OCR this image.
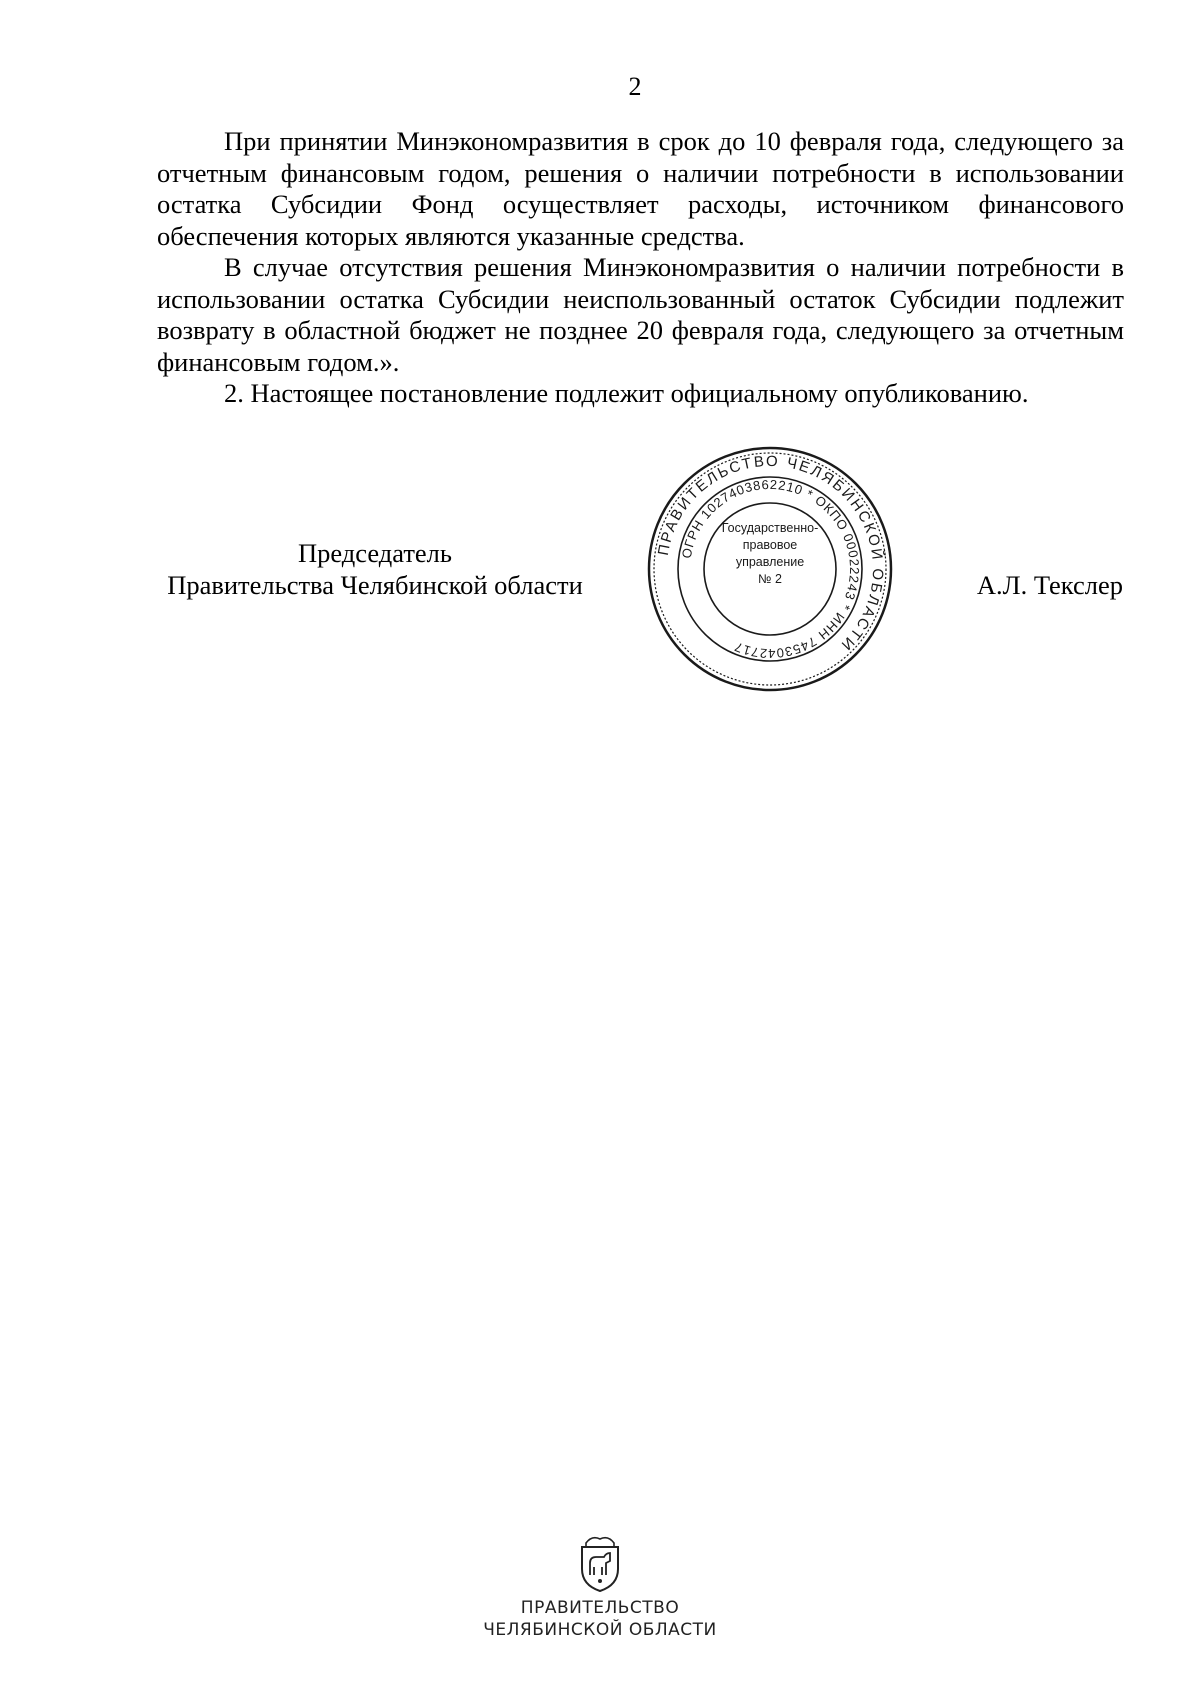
2

При принятии Минэкономразвития в срок до 10 февраля года, следующего за отчетным финансовым годом, решения о наличии потребности в использовании остатка Субсидии Фонд осуществляет расходы, источником финансового обеспечения которых являются указанные средства.

В случае отсутствия решения Минэкономразвития о наличии потребности в использовании остатка Субсидии неиспользованный остаток Субсидии подлежит возврату в областной бюджет не позднее 20 февраля года, следующего за отчетным финансовым годом.».

2. Настоящее постановление подлежит официальному опубликованию.

ПРАВИТЕЛЬСТВО ЧЕЛЯБИНСКОЙ ОБЛАСТИ
ОГРН 1027403862210 * ОКПО 00022243 * ИНН 7453042717
Государственно-
правовое
управление
№ 2
Председатель
Правительства Челябинской области	А.Л. Текслер
ПРАВИТЕЛЬСТВО
ЧЕЛЯБИНСКОЙ ОБЛАСТИ
